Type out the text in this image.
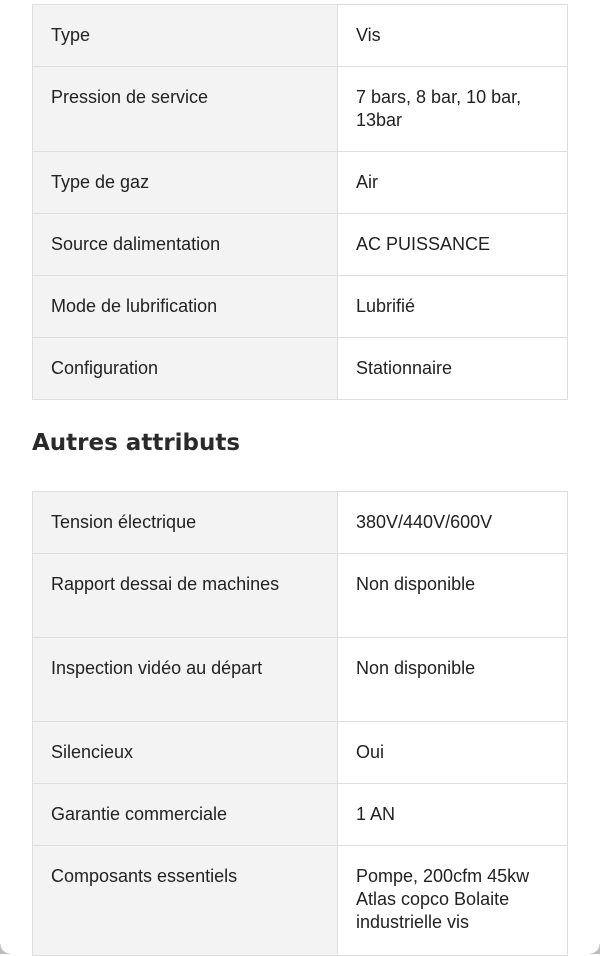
Type	Vis
Pression de service	7 bars, 8 bar, 10 bar, 13bar
Type de gaz	Air
Source dalimentation	AC PUISSANCE
Mode de lubrification	Lubrifié
Configuration	Stationnaire
Autres attributs
Tension électrique	380V/440V/600V
Rapport dessai de machines	Non disponible
Inspection vidéo au départ	Non disponible
Silencieux	Oui
Garantie commerciale	1 AN
Composants essentiels	Pompe, 200cfm 45kw Atlas copco Bolaite industrielle vis
